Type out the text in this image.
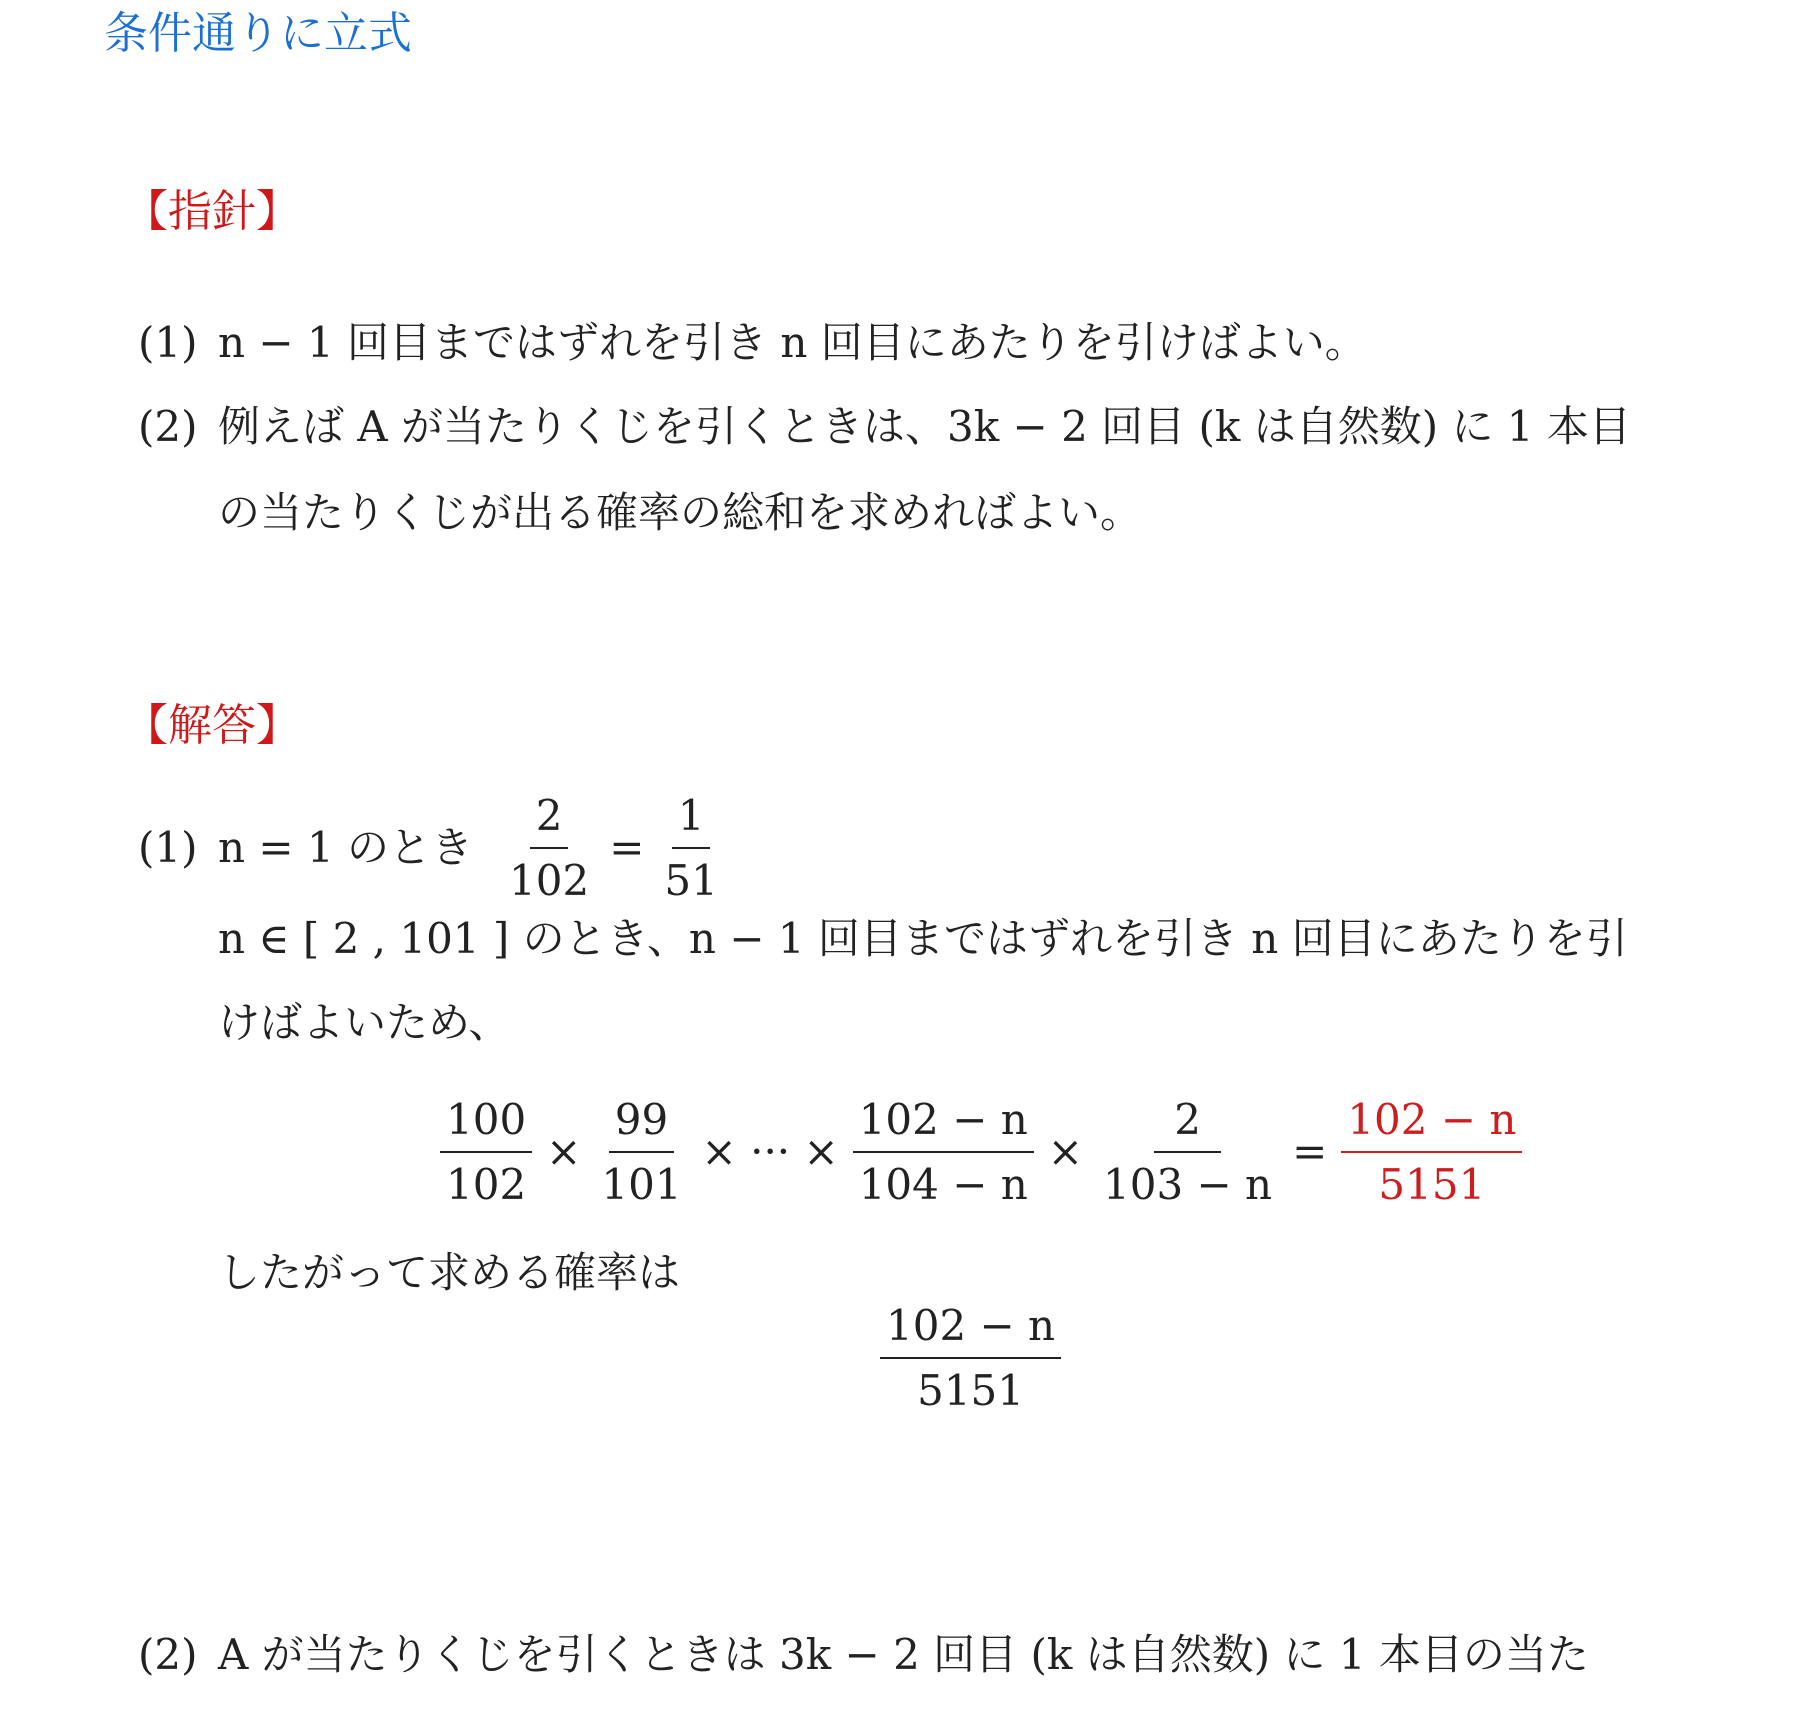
条件通りに立式
【指針】
(1) n − 1 回目まではずれを引き n 回目にあたりを引けばよい。
(2) 例えば A が当たりくじを引くときは、3k − 2 回目 (k は自然数) に 1 本目
の当たりくじが出る確率の総和を求めればよい。
【解答】
(1) n = 1 のとき $\frac{2}{102} = \frac{1}{51}$
n ∈ [ 2 , 101 ] のとき、n − 1 回目まではずれを引き n 回目にあたりを引
けばよいため、
$\frac{100}{102} \times \frac{99}{101}$ × ··· × $\frac{102 - n}{104 - n} \times \frac{2}{103 - n} = \frac{102 - n}{5151}$
したがって求める確率は
$\frac{102 - n}{5151}$
(2) A が当たりくじを引くときは 3k − 2 回目 (k は自然数) に 1 本目の当た
